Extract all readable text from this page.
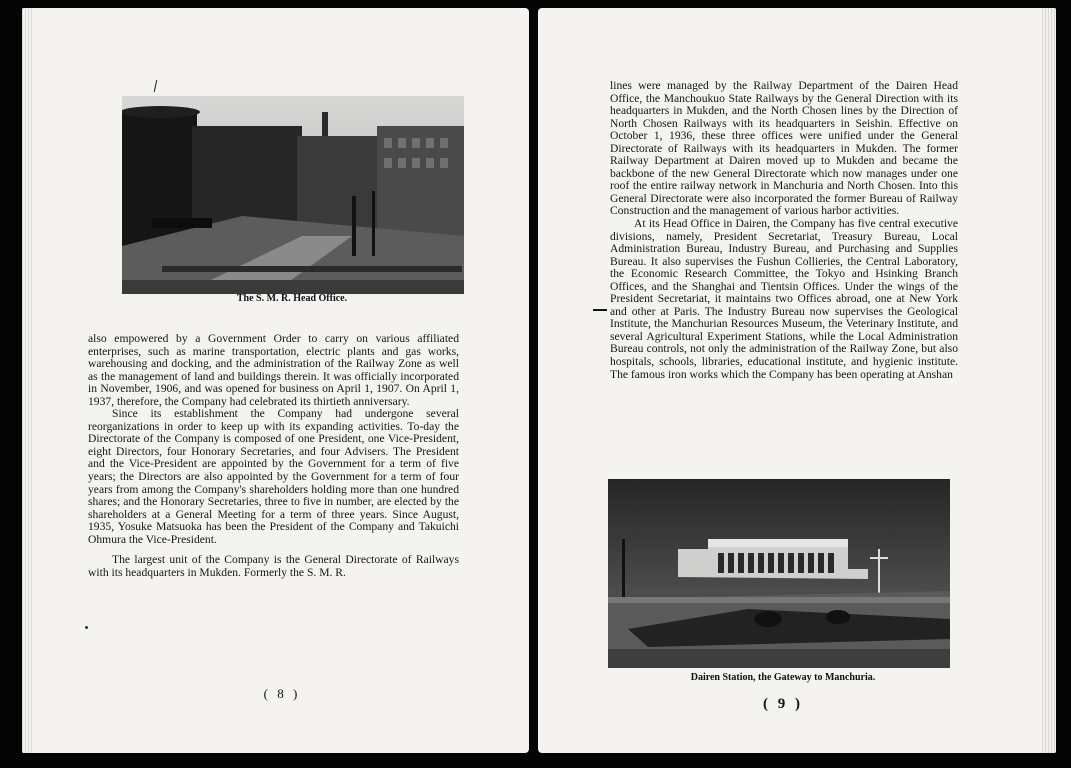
The S. M. R. Head Office.

also empowered by a Government Order to carry on various affiliated enterprises, such as marine transportation, electric plants and gas works, warehousing and docking, and the administration of the Railway Zone as well as the management of land and buildings therein. It was officially incorporated in November, 1906, and was opened for business on April 1, 1907. On April 1, 1937, therefore, the Company had celebrated its thirtieth anniversary.

Since its establishment the Company had undergone several reorganizations in order to keep up with its expanding activities. To-day the Directorate of the Company is composed of one President, one Vice-President, eight Directors, four Honorary Secretaries, and four Advisers. The President and the Vice-President are appointed by the Government for a term of five years; the Directors are also appointed by the Government for a term of four years from among the Company's shareholders holding more than one hundred shares; and the Honorary Secretaries, three to five in number, are elected by the shareholders at a General Meeting for a term of three years. Since August, 1935, Yosuke Matsuoka has been the President of the Company and Takuichi Ohmura the Vice-President.

The largest unit of the Company is the General Directorate of Railways with its headquarters in Mukden. Formerly the S. M. R.

( 8 )

lines were managed by the Railway Department of the Dairen Head Office, the Manchoukuo State Railways by the General Direction with its headquarters in Mukden, and the North Chosen lines by the Direction of North Chosen Railways with its headquarters in Seishin. Effective on October 1, 1936, these three offices were unified under the General Directorate of Railways with its headquarters in Mukden. The former Railway Department at Dairen moved up to Mukden and became the backbone of the new General Directorate which now manages under one roof the entire railway network in Manchuria and North Chosen. Into this General Directorate were also incorporated the former Bureau of Railway Construction and the management of various harbor activities.

At its Head Office in Dairen, the Company has five central executive divisions, namely, President Secretariat, Treasury Bureau, Local Administration Bureau, Industry Bureau, and Purchasing and Supplies Bureau. It also supervises the Fushun Collieries, the Central Laboratory, the Economic Research Committee, the Tokyo and Hsinking Branch Offices, and the Shanghai and Tientsin Offices. Under the wings of the President Secretariat, it maintains two Offices abroad, one at New York and other at Paris. The Industry Bureau now supervises the Geological Institute, the Manchurian Resources Museum, the Veterinary Institute, and several Agricultural Experiment Stations, while the Local Administration Bureau controls, not only the administration of the Railway Zone, but also hospitals, schools, libraries, educational institute, and hygienic institute. The famous iron works which the Company has been operating at Anshan

Dairen Station, the Gateway to Manchuria.
( 9 )
